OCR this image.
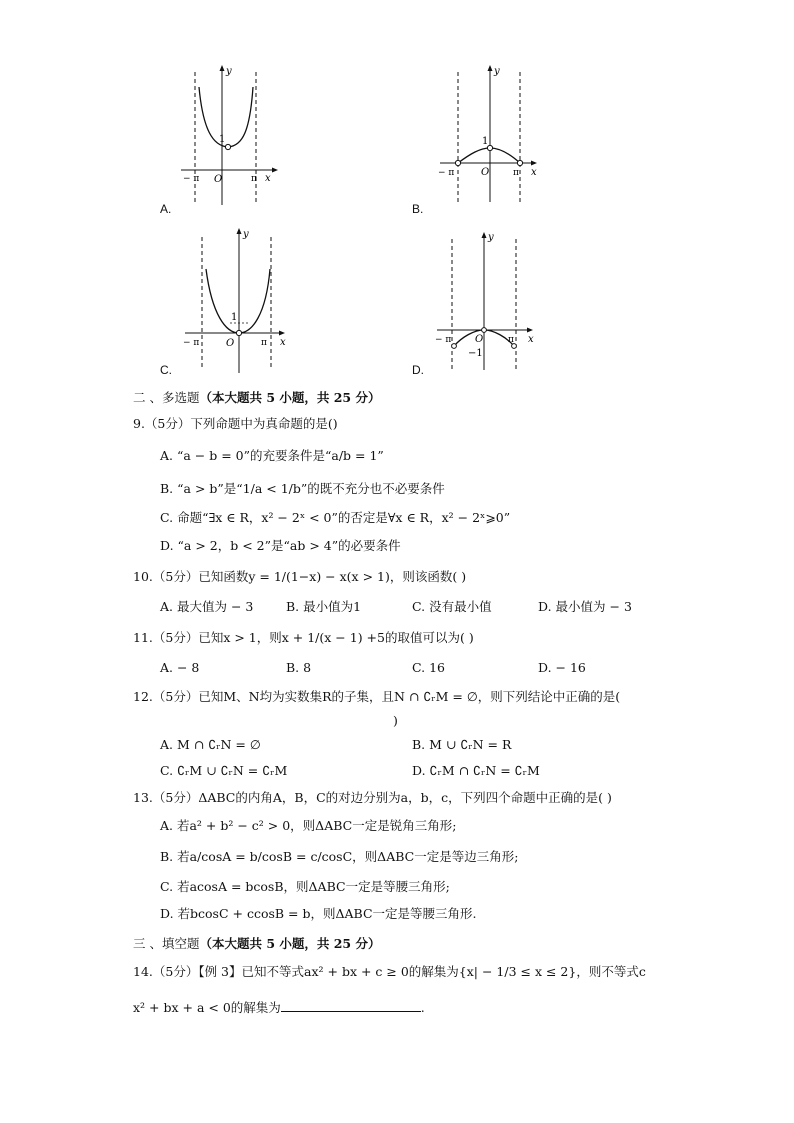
y
1
O
− π	π x
A.
y
1
O
− π	π x
B.
y
1
O
− π	π x
C.
y
O
−1
− π	π x
D.
二 、多选题（本大题共 5 小题，共 25 分）
9.（5分）下列命题中为真命题的是()
A. “a − b = 0”的充要条件是“a/b = 1”
B. “a > b”是“1/a < 1/b”的既不充分也不必要条件
C. 命题“∃x ∈ R，x² − 2ˣ < 0”的否定是∀x ∈ R，x² − 2ˣ⩾0”
D. “a > 2，b < 2”是“ab > 4”的必要条件
10.（5分）已知函数y = 1/(1−x) − x(x > 1)，则该函数( )
A. 最大值为 − 3	B. 最小值为1	C. 没有最小值	D. 最小值为 − 3
11.（5分）已知x > 1，则x + 1/(x − 1) +5的取值可以为( )
A. − 8	B. 8	C. 16	D. − 16
12.（5分）已知M、N均为实数集R的子集，且N ∩ ∁ᵣM = ∅，则下列结论中正确的是(
)
A. M ∩ ∁ᵣN = ∅	B. M ∪ ∁ᵣN = R
C. ∁ᵣM ∪ ∁ᵣN = ∁ᵣM	D. ∁ᵣM ∩ ∁ᵣN = ∁ᵣM
13.（5分）ΔABC的内角A，B，C的对边分别为a，b，c，下列四个命题中正确的是( )
A. 若a² + b² − c² > 0，则ΔABC一定是锐角三角形;
B. 若a/cosA = b/cosB = c/cosC，则ΔABC一定是等边三角形;
C. 若acosA = bcosB，则ΔABC一定是等腰三角形;
D. 若bcosC + ccosB = b，则ΔABC一定是等腰三角形.
三 、填空题（本大题共 5 小题，共 25 分）
14.（5分）【例 3】已知不等式ax² + bx + c ≥ 0的解集为{x| − 1/3 ≤ x ≤ 2}，则不等式c
x² + bx + a < 0的解集为	.
